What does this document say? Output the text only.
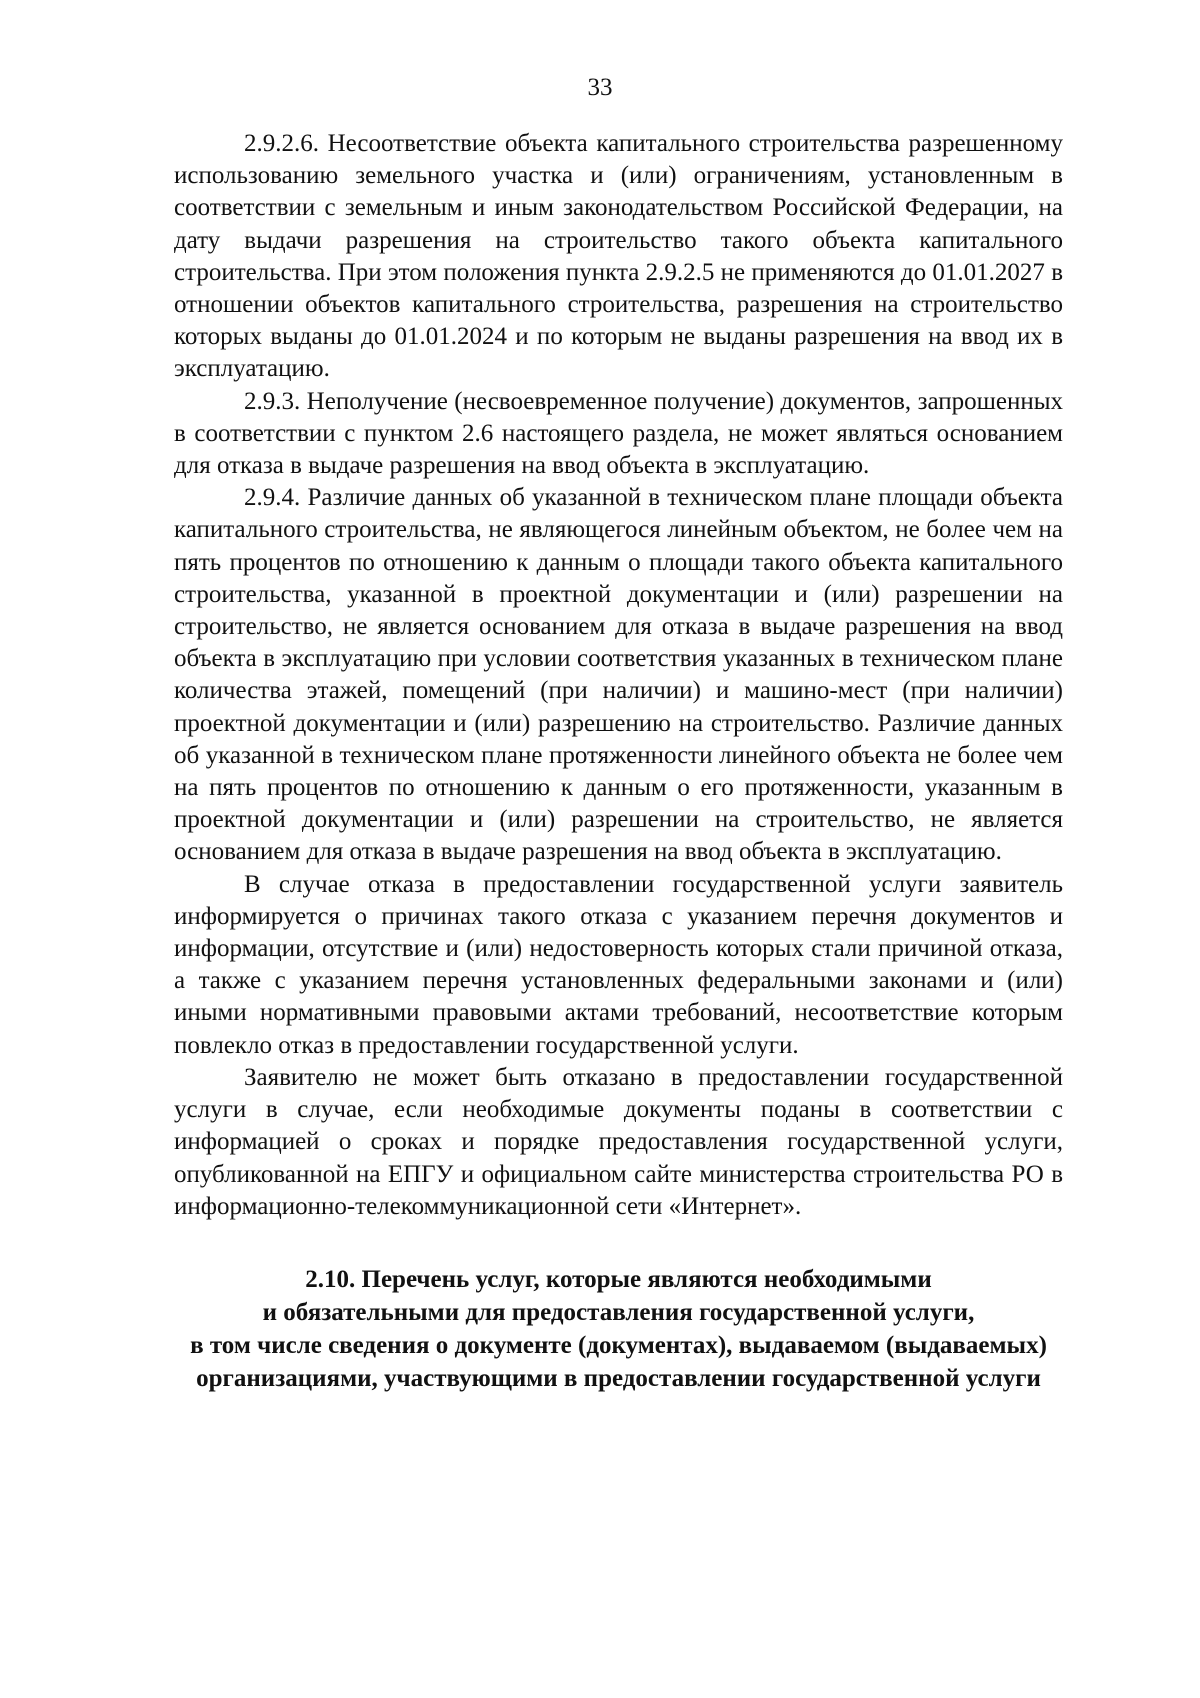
33

2.9.2.6. Несоответствие объекта капитального строительства разрешенному использованию земельного участка и (или) ограничениям, установленным в соответствии с земельным и иным законодательством Российской Федерации, на дату выдачи разрешения на строительство такого объекта капитального строительства. При этом положения пункта 2.9.2.5 не применяются до 01.01.2027 в отношении объектов капитального строительства, разрешения на строительство которых выданы до 01.01.2024 и по которым не выданы разрешения на ввод их в эксплуатацию.

2.9.3. Неполучение (несвоевременное получение) документов, запрошенных в соответствии с пунктом 2.6 настоящего раздела, не может являться основанием для отказа в выдаче разрешения на ввод объекта в эксплуатацию.

2.9.4. Различие данных об указанной в техническом плане площади объекта капитального строительства, не являющегося линейным объектом, не более чем на пять процентов по отношению к данным о площади такого объекта капитального строительства, указанной в проектной документации и (или) разрешении на строительство, не является основанием для отказа в выдаче разрешения на ввод объекта в эксплуатацию при условии соответствия указанных в техническом плане количества этажей, помещений (при наличии) и машино-мест (при наличии) проектной документации и (или) разрешению на строительство. Различие данных об указанной в техническом плане протяженности линейного объекта не более чем на пять процентов по отношению к данным о его протяженности, указанным в проектной документации и (или) разрешении на строительство, не является основанием для отказа в выдаче разрешения на ввод объекта в эксплуатацию.

В случае отказа в предоставлении государственной услуги заявитель информируется о причинах такого отказа с указанием перечня документов и информации, отсутствие и (или) недостоверность которых стали причиной отказа, а также с указанием перечня установленных федеральными законами и (или) иными нормативными правовыми актами требований, несоответствие которым повлекло отказ в предоставлении государственной услуги.

Заявителю не может быть отказано в предоставлении государственной услуги в случае, если необходимые документы поданы в соответствии с информацией о сроках и порядке предоставления государственной услуги, опубликованной на ЕПГУ и официальном сайте министерства строительства РО в информационно-телекоммуникационной сети «Интернет».

2.10. Перечень услуг, которые являются необходимыми
и обязательными для предоставления государственной услуги,
в том числе сведения о документе (документах), выдаваемом (выдаваемых)
организациями, участвующими в предоставлении государственной услуги
